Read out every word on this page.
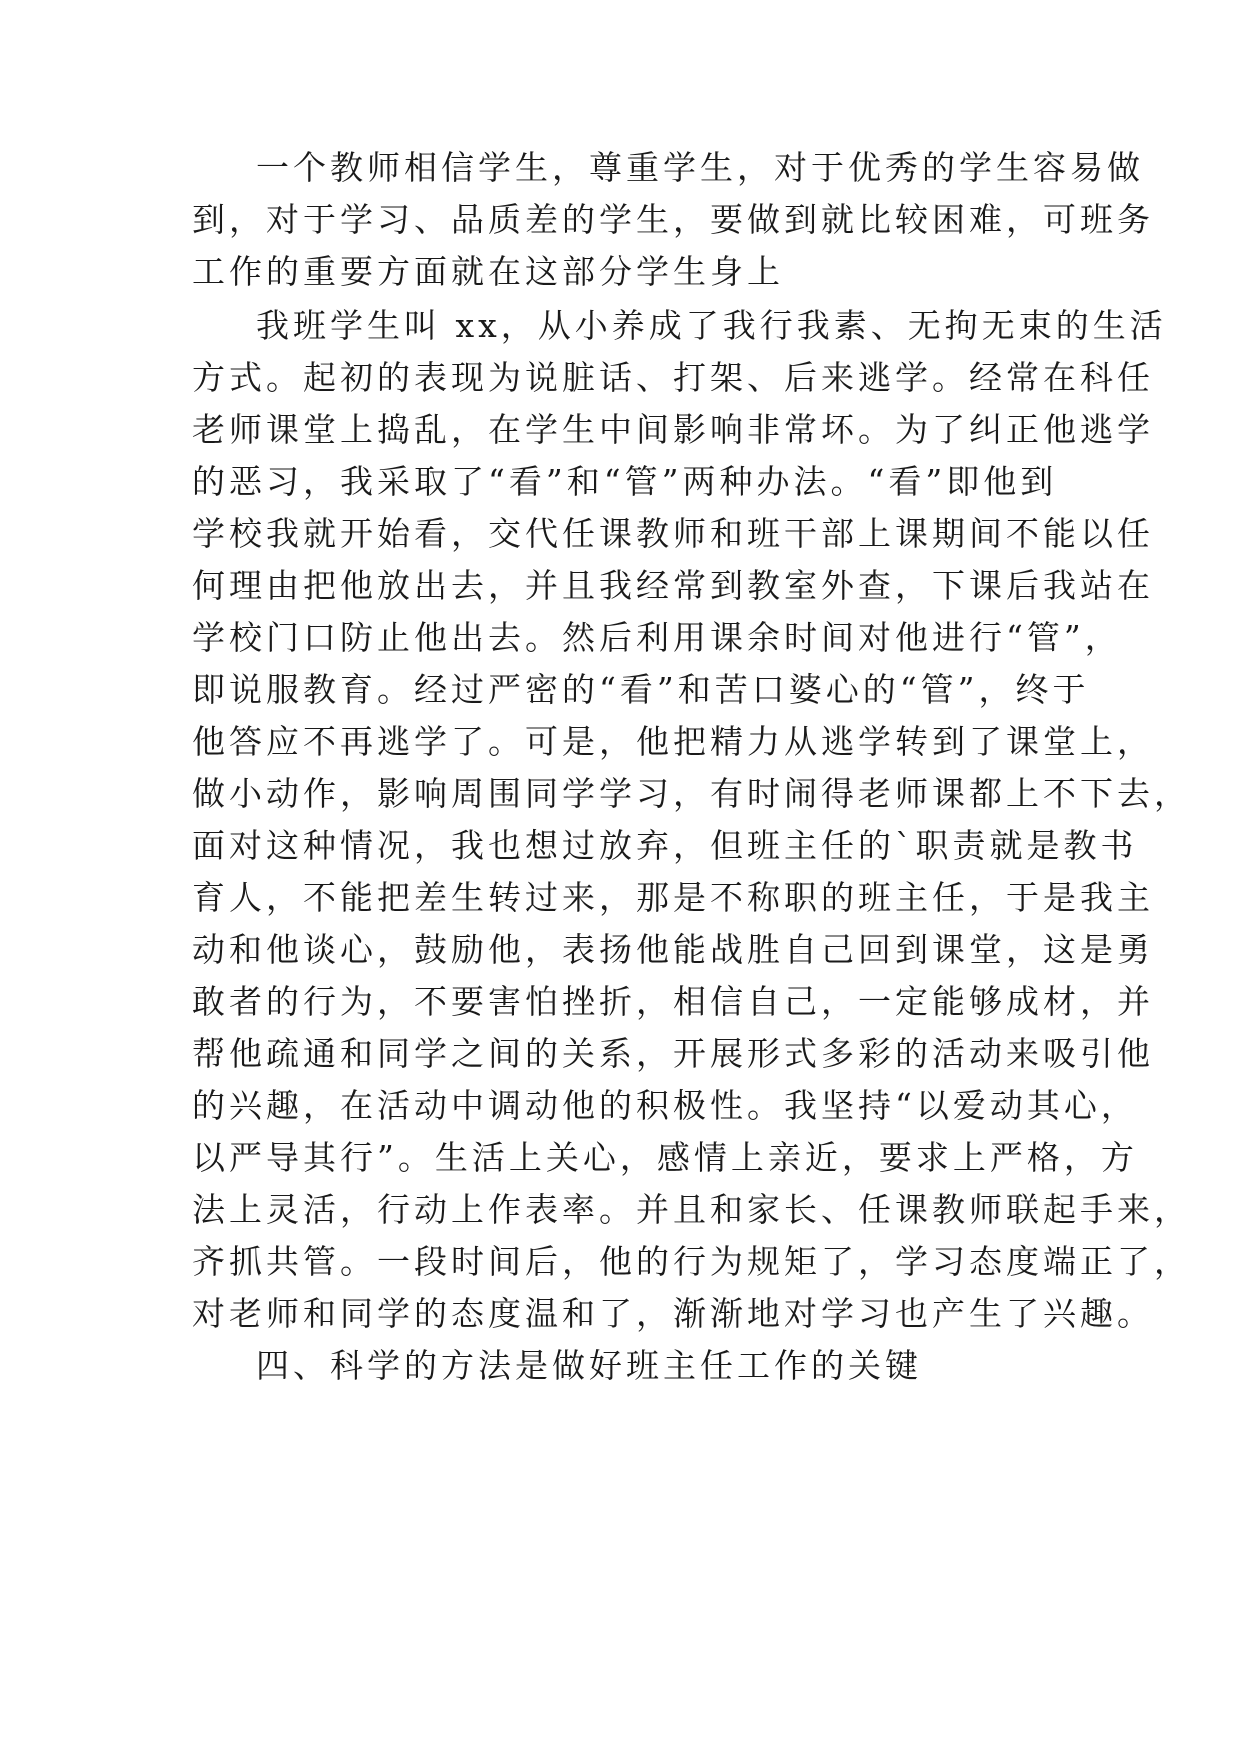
一个教师相信学生，尊重学生，对于优秀的学生容易做
到，对于学习、品质差的学生，要做到就比较困难，可班务
工作的重要方面就在这部分学生身上
我班学生叫 xx，从小养成了我行我素、无拘无束的生活
方式。起初的表现为说脏话、打架、后来逃学。经常在科任
老师课堂上捣乱，在学生中间影响非常坏。为了纠正他逃学
的恶习，我采取了“看”和“管”两种办法。“看”即他到
学校我就开始看，交代任课教师和班干部上课期间不能以任
何理由把他放出去，并且我经常到教室外查，下课后我站在
学校门口防止他出去。然后利用课余时间对他进行“管”，
即说服教育。经过严密的“看”和苦口婆心的“管”，终于
他答应不再逃学了。可是，他把精力从逃学转到了课堂上，
做小动作，影响周围同学学习，有时闹得老师课都上不下去，
面对这种情况，我也想过放弃，但班主任的`职责就是教书
育人，不能把差生转过来，那是不称职的班主任，于是我主
动和他谈心，鼓励他，表扬他能战胜自己回到课堂，这是勇
敢者的行为，不要害怕挫折，相信自己，一定能够成材，并
帮他疏通和同学之间的关系，开展形式多彩的活动来吸引他
的兴趣，在活动中调动他的积极性。我坚持“以爱动其心，
以严导其行”。生活上关心，感情上亲近，要求上严格，方
法上灵活，行动上作表率。并且和家长、任课教师联起手来，
齐抓共管。一段时间后，他的行为规矩了，学习态度端正了，
对老师和同学的态度温和了，渐渐地对学习也产生了兴趣。
四、科学的方法是做好班主任工作的关键
